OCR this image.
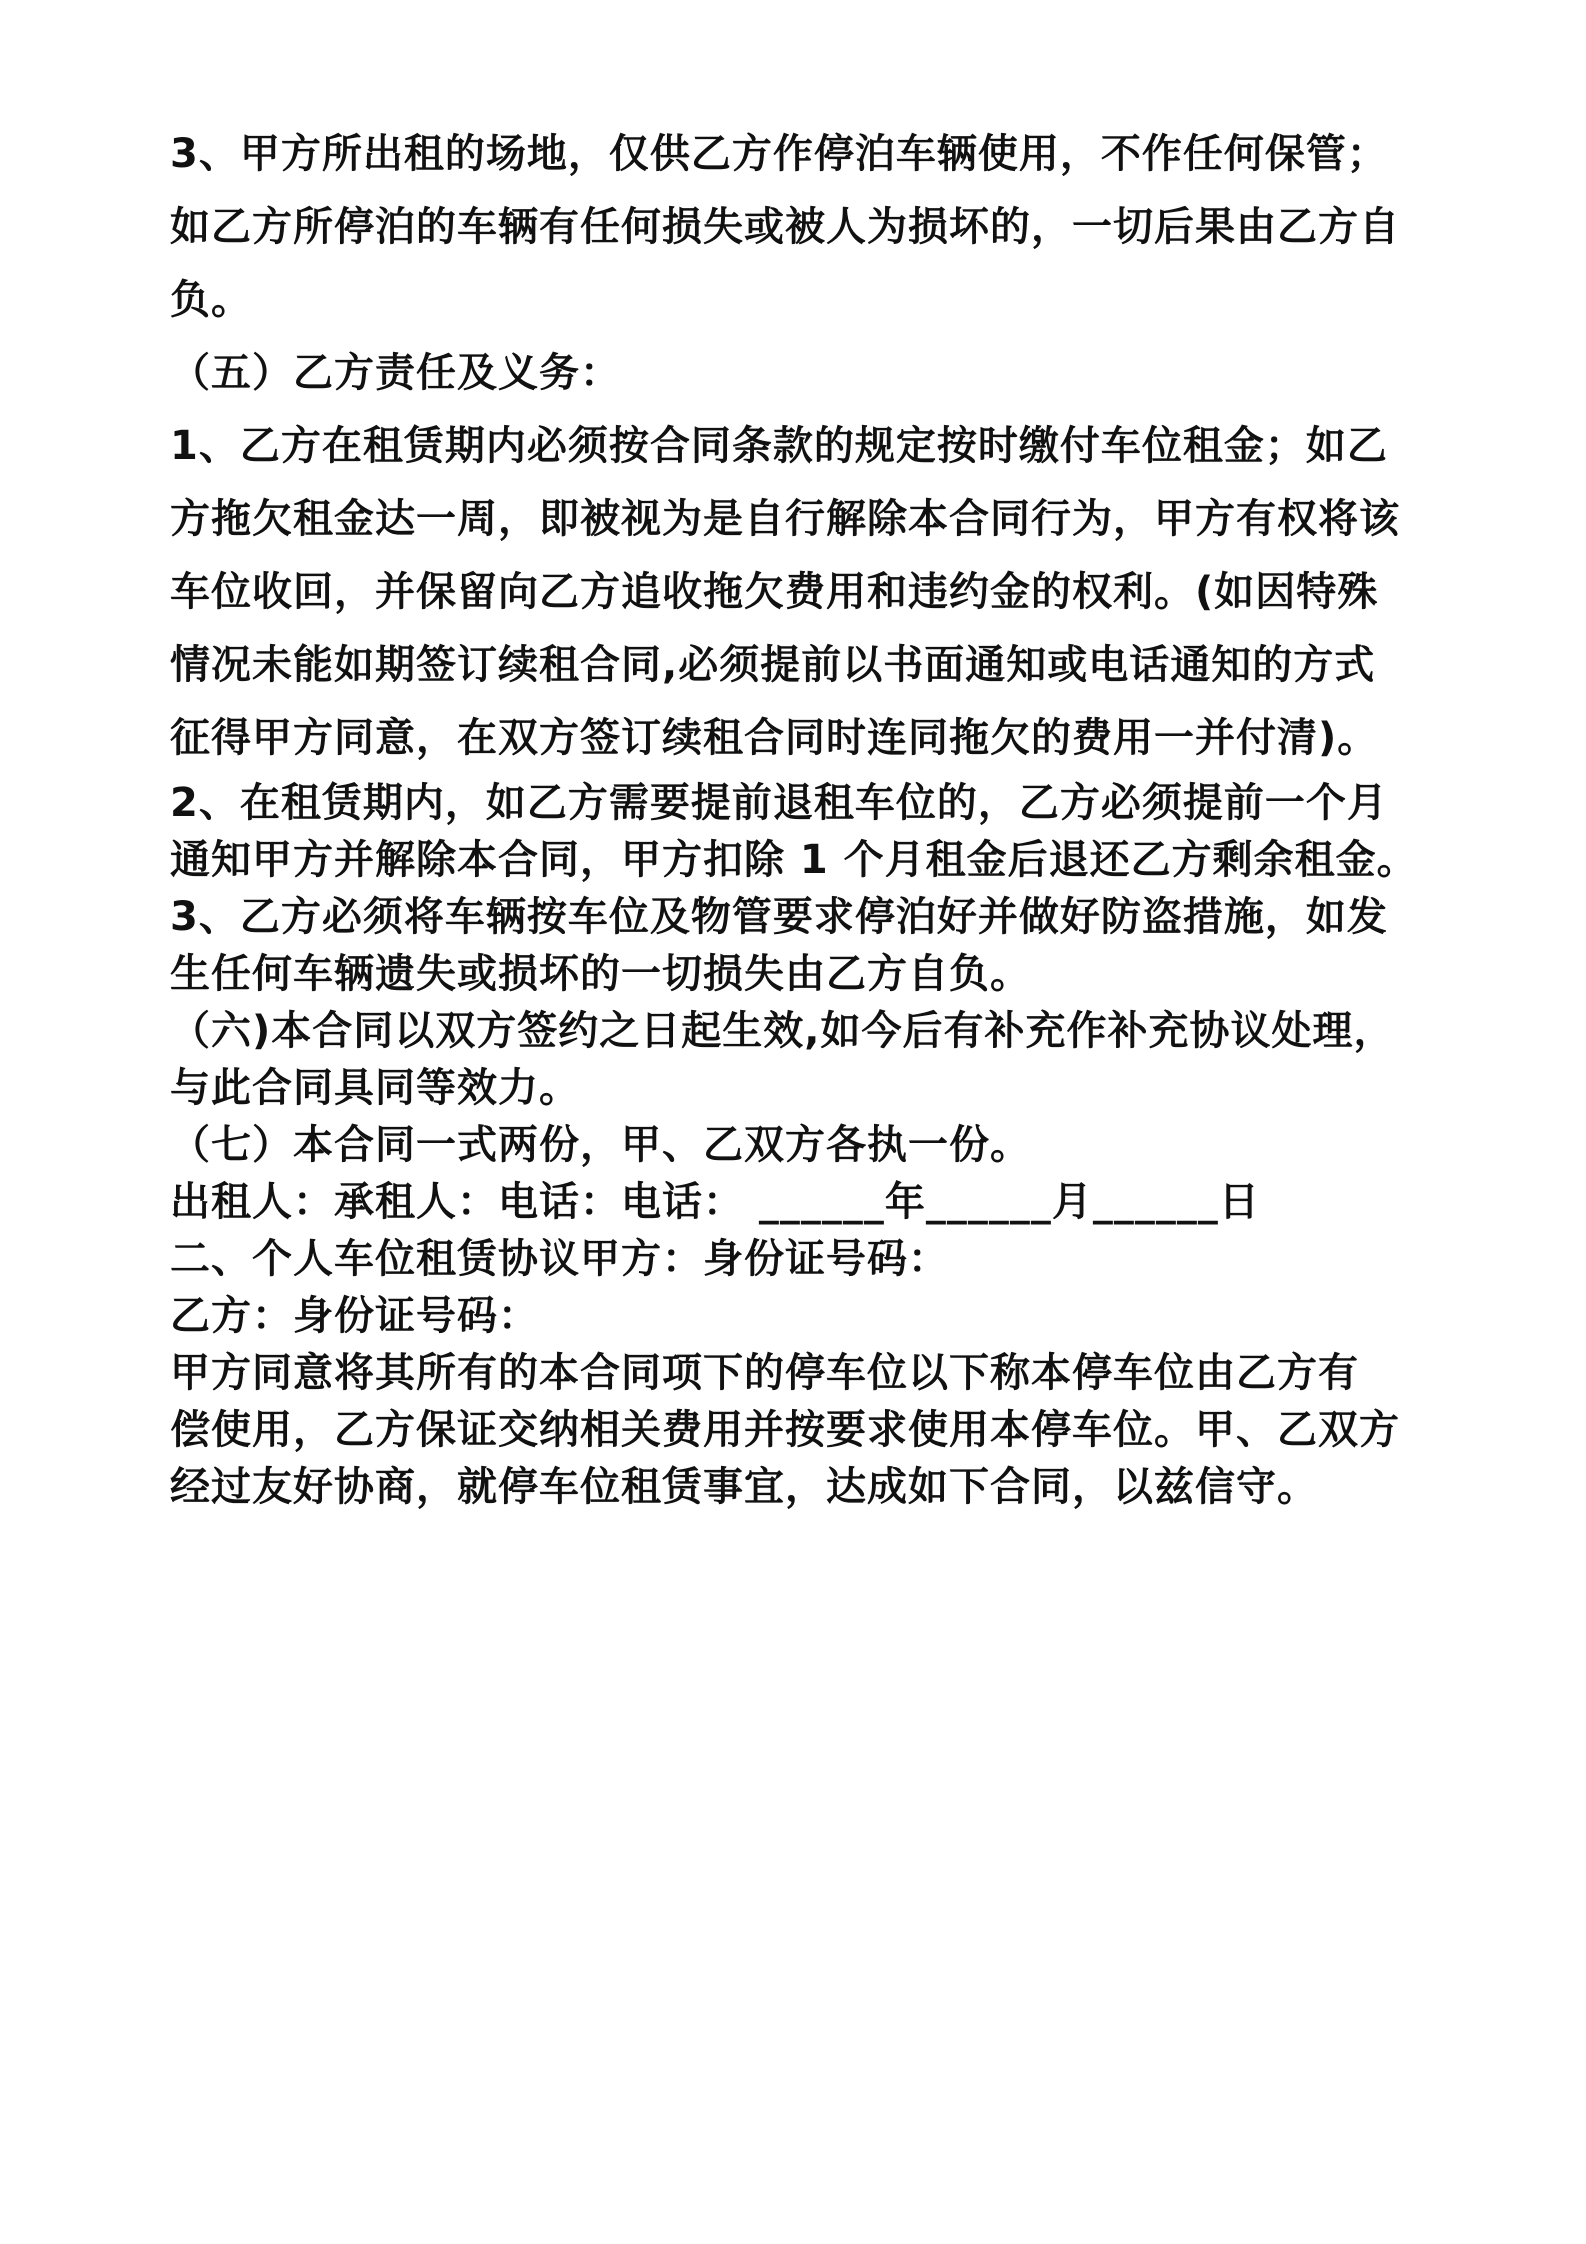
3、甲方所出租的场地，仅供乙方作停泊车辆使用，不作任何保管；
如乙方所停泊的车辆有任何损失或被人为损坏的，一切后果由乙方自
负。
（五）乙方责任及义务：
1、乙方在租赁期内必须按合同条款的规定按时缴付车位租金；如乙
方拖欠租金达一周，即被视为是自行解除本合同行为，甲方有权将该
车位收回，并保留向乙方追收拖欠费用和违约金的权利。(如因特殊
情况未能如期签订续租合同,必须提前以书面通知或电话通知的方式
征得甲方同意，在双方签订续租合同时连同拖欠的费用一并付清)。
2、在租赁期内，如乙方需要提前退租车位的，乙方必须提前一个月
通知甲方并解除本合同，甲方扣除 1 个月租金后退还乙方剩余租金。
3、乙方必须将车辆按车位及物管要求停泊好并做好防盗措施，如发
生任何车辆遗失或损坏的一切损失由乙方自负。
（六)本合同以双方签约之日起生效,如今后有补充作补充协议处理，
与此合同具同等效力。
（七）本合同一式两份，甲、乙双方各执一份。
出租人：承租人：电话：电话： ______年______月______日
二、个人车位租赁协议甲方：身份证号码：
乙方：身份证号码：
甲方同意将其所有的本合同项下的停车位以下称本停车位由乙方有
偿使用，乙方保证交纳相关费用并按要求使用本停车位。甲、乙双方
经过友好协商，就停车位租赁事宜，达成如下合同，以兹信守。
